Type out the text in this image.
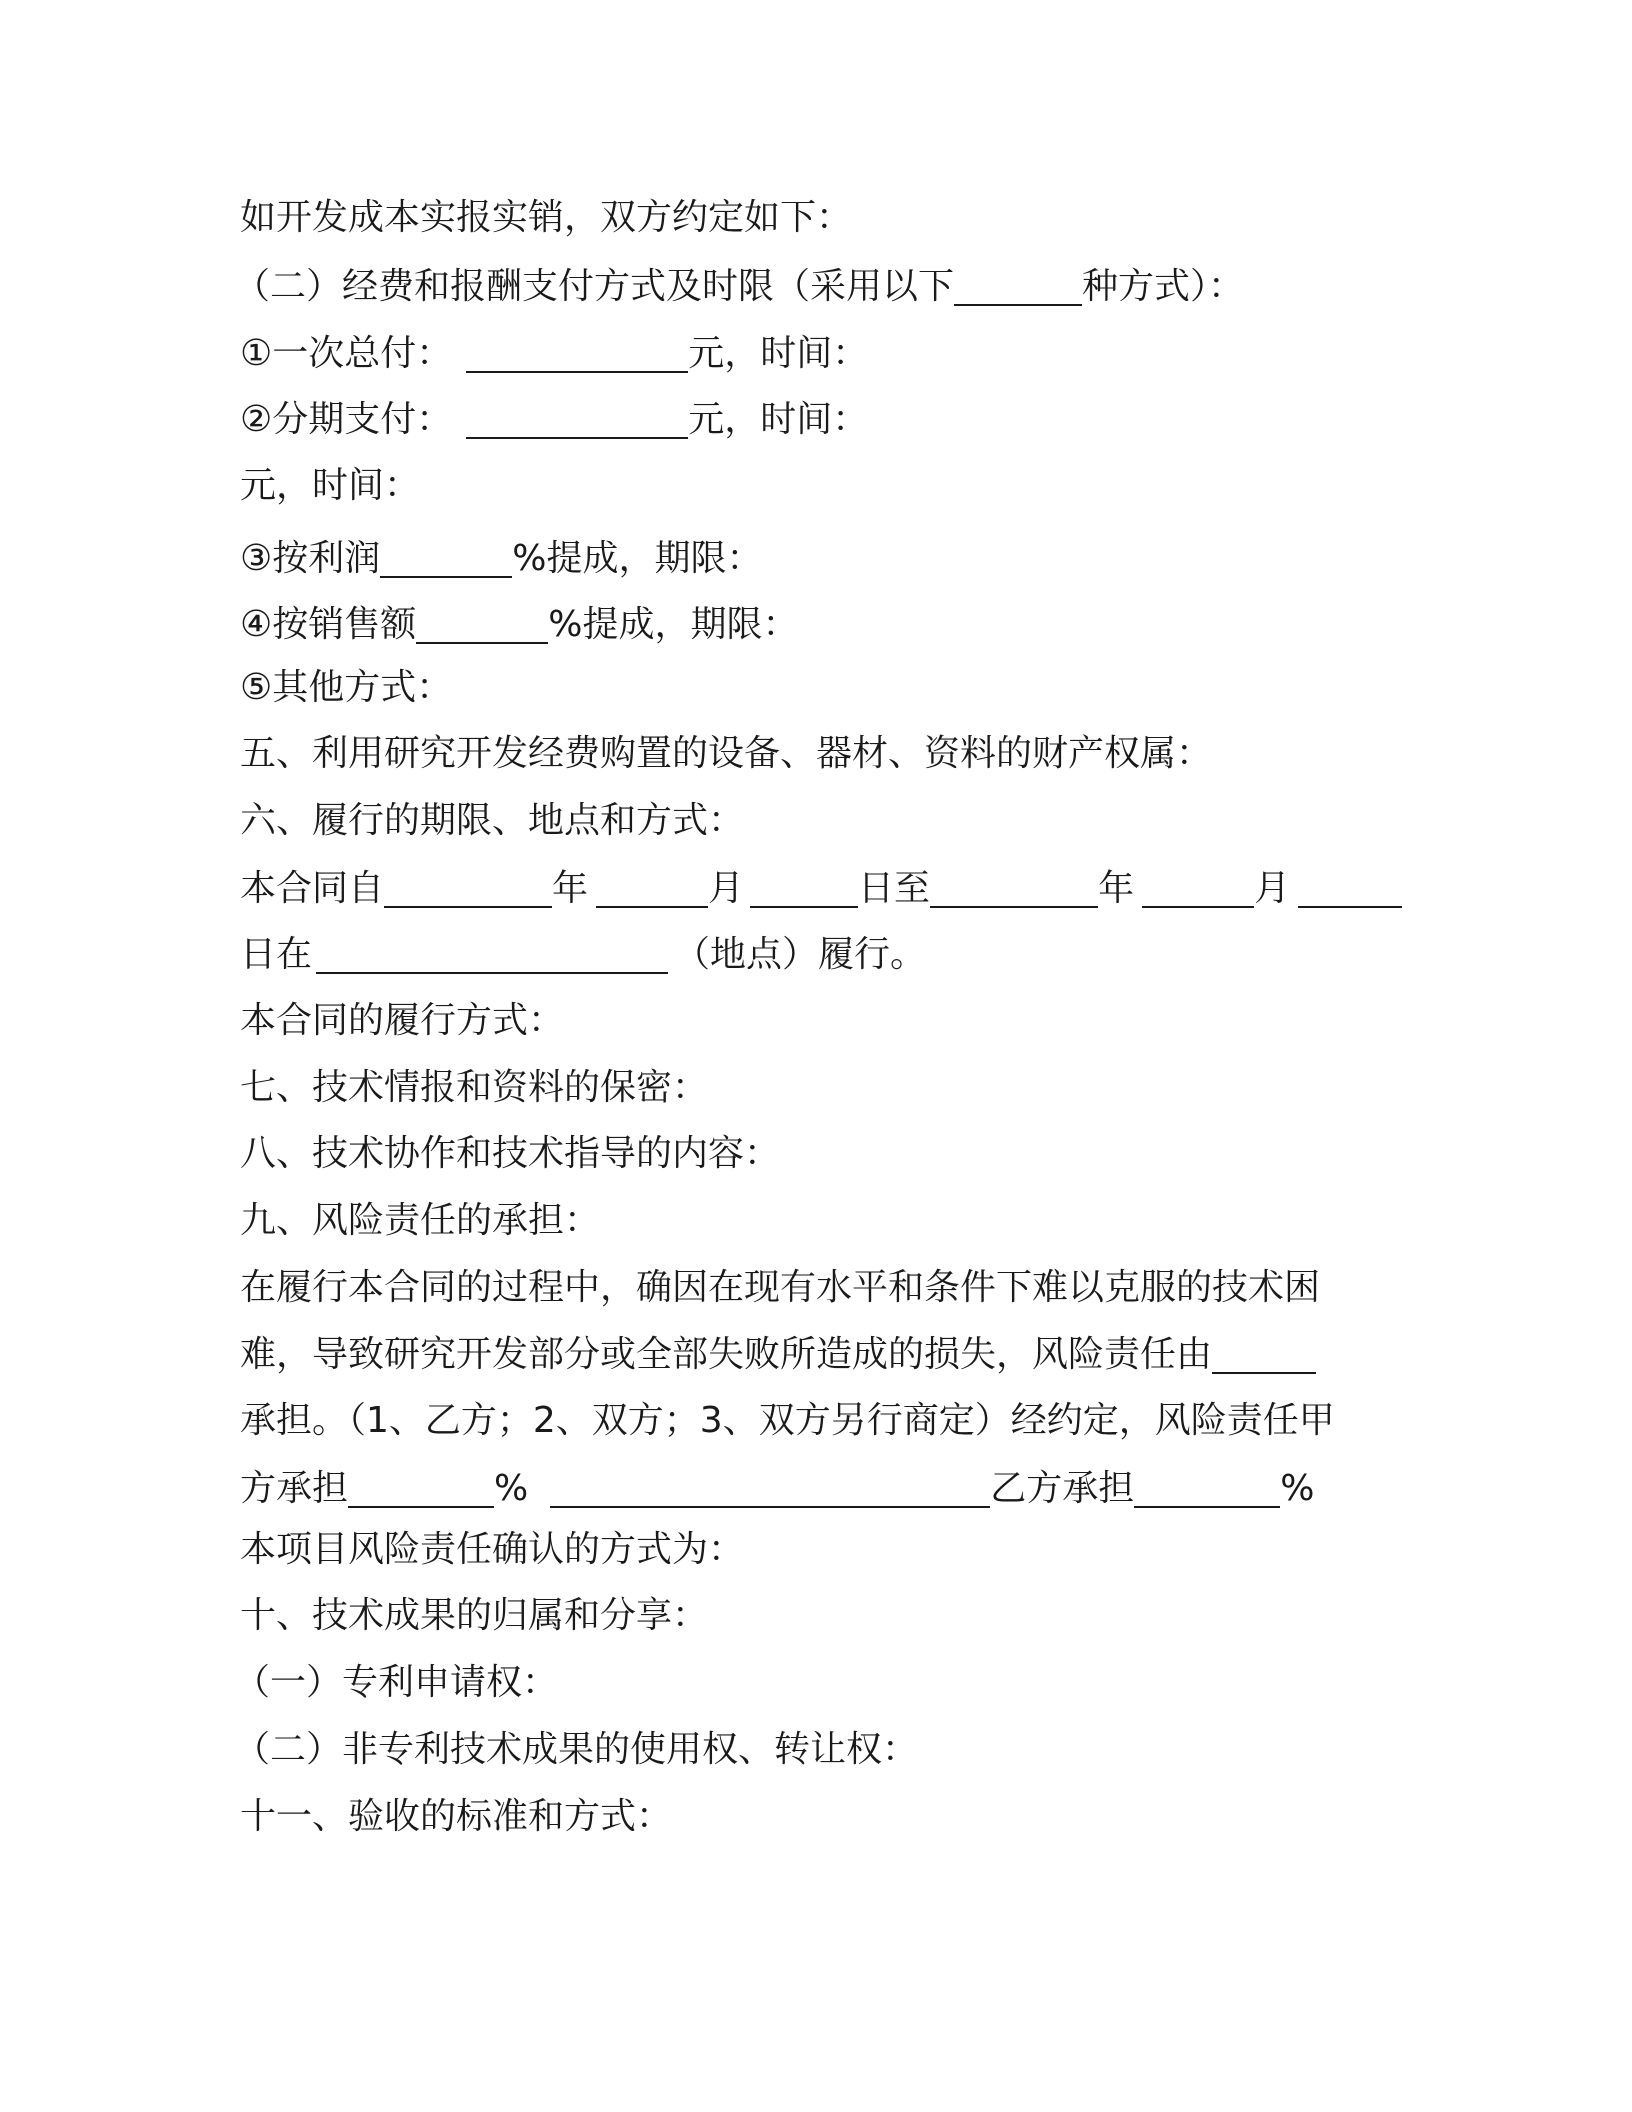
如开发成本实报实销，双方约定如下：
（二）经费和报酬支付方式及时限（采用以下	种方式）：
①一次总付：	元，时间：
②分期支付：	元，时间：
元，时间：
③按利润	%提成，期限：
④按销售额	%提成，期限：
⑤其他方式：
五、利用研究开发经费购置的设备、器材、资料的财产权属：
六、履行的期限、地点和方式：
本合同自	年	月	日至	年	月
日在	（地点）履行。
本合同的履行方式：
七、技术情报和资料的保密：
八、技术协作和技术指导的内容：
九、风险责任的承担：
在履行本合同的过程中，确因在现有水平和条件下难以克服的技术困
难，导致研究开发部分或全部失败所造成的损失，风险责任由
承担。（1、乙方；2、双方；3、双方另行商定）经约定，风险责任甲
方承担	%	乙方承担	%
本项目风险责任确认的方式为：
十、技术成果的归属和分享：
（一）专利申请权：
（二）非专利技术成果的使用权、转让权：
十一、验收的标准和方式：
